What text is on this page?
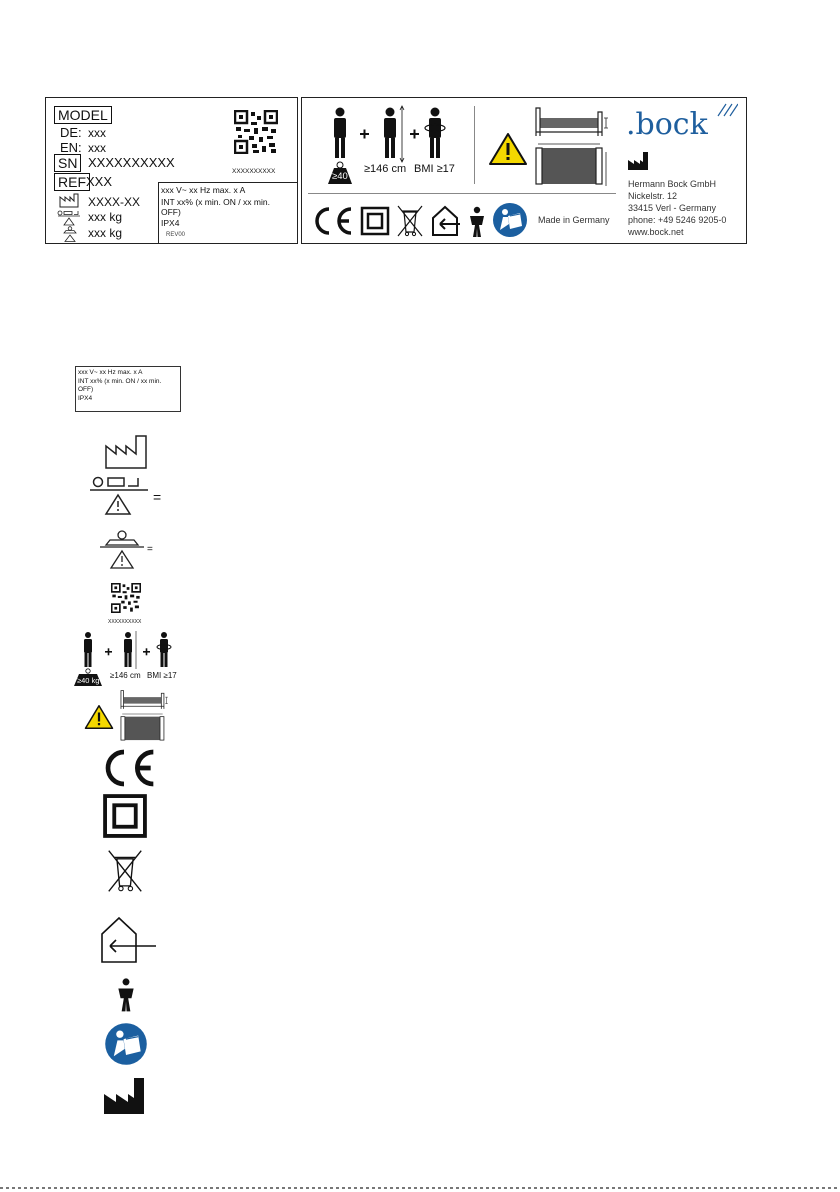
MODEL
DE: xxx
EN: xxx
SN XXXXXXXXXX
REF XXX
XXXX-XX
xxx kg
xxx kg	REV00
XXXXXXXXXX
xxx V~ xx Hz max. x A
INT xx% (x min. ON / xx min.
OFF)
IPX4
≥40 kg
≥146 cm BMI ≥17
.bock
Hermann Bock GmbH
Nickelstr. 12
33415 Verl - Germany
phone: +49 5246 9205-0
www.bock.net
Made in Germany
xxx V~ xx Hz max. x A
INT xx% (x min. ON / xx min.
OFF)
IPX4
=
=
XXXXXXXXXX
≥40 kg
≥146 cm BMI ≥17
